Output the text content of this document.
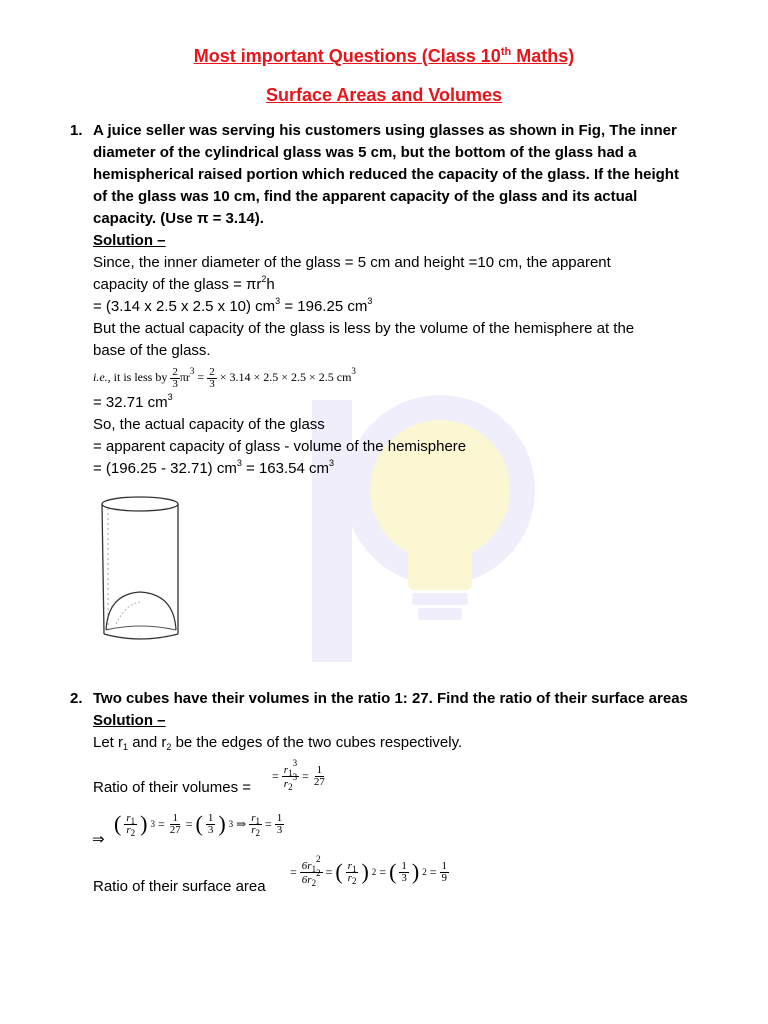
Most important Questions (Class 10th Maths)
Surface Areas and Volumes
1. A juice seller was serving his customers using glasses as shown in Fig, The inner
diameter of the cylindrical glass was 5 cm, but the bottom of the glass had a
hemispherical raised portion which reduced the capacity of the glass. If the height
of the glass was 10 cm, find the apparent capacity of the glass and its actual
capacity. (Use π = 3.14).
Solution –
Since, the inner diameter of the glass = 5 cm and height =10 cm, the apparent
capacity of the glass = $\pi r^2h$
= (3.14 x 2.5 x 2.5 x 10) $cm^3 = 196.25$ $cm^3$
But the actual capacity of the glass is less by the volume of the hemisphere at the
base of the glass.
i.e., it is less by $\frac{2}{3} \pi r^3 = \frac{2}{3} \times 3.14 \times 2.5 \times 2.5 \times 2.5$ $cm^3$
= 32.71 $cm^3$
So, the actual capacity of the glass
= apparent capacity of glass - volume of the hemisphere
= (196.25 - 32.71) $cm^3 = 163.54$ $cm^3$
2. Two cubes have their volumes in the ratio 1: 27. Find the ratio of their surface areas
Solution –
Let $r_1$ and $r_2$ be the edges of the two cubes respectively.
Ratio of their volumes =
= $\frac{r_1^3}{r_2^3} = \frac{1}{27}$
⇒
( $\frac{r_1}{r_2}$ ) $3 = \frac{1}{27}$ = ( $\frac{1}{3}$ ) 3 ⇒ $\frac{r_1}{r_2} = \frac{1}{3}$
Ratio of their surface area
= $\frac{6r_1^2}{6r_2^2}$ = ( $\frac{r_1}{r_2}$ ) 2 = ( $\frac{1}{3}$ ) $2 = \frac{1}{9}$
